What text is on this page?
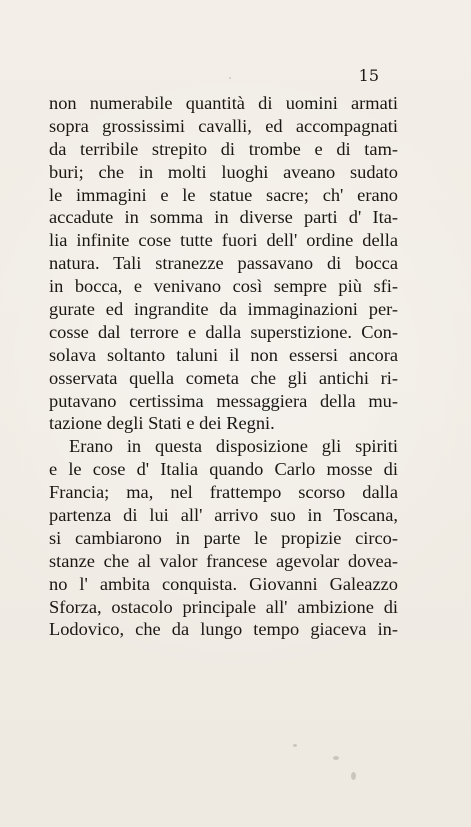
15
non numerabile quantità di uomini armati
sopra grossissimi cavalli, ed accompagnati
da terribile strepito di trombe e di tam-
buri; che in molti luoghi aveano sudato
le immagini e le statue sacre; ch' erano
accadute in somma in diverse parti d' Ita-
lia infinite cose tutte fuori dell' ordine della
natura. Tali stranezze passavano di bocca
in bocca, e venivano così sempre più sfi-
gurate ed ingrandite da immaginazioni per-
cosse dal terrore e dalla superstizione. Con-
solava soltanto taluni il non essersi ancora
osservata quella cometa che gli antichi ri-
putavano certissima messaggiera della mu-
tazione degli Stati e dei Regni.
Erano in questa disposizione gli spiriti
e le cose d' Italia quando Carlo mosse di
Francia; ma, nel frattempo scorso dalla
partenza di lui all' arrivo suo in Toscana,
si cambiarono in parte le propizie circo-
stanze che al valor francese agevolar doveа-
no l' ambita conquista. Giovanni Galeazzo
Sforza, ostacolo principale all' ambizione di
Lodovico, che da lungo tempo giaceva in-
